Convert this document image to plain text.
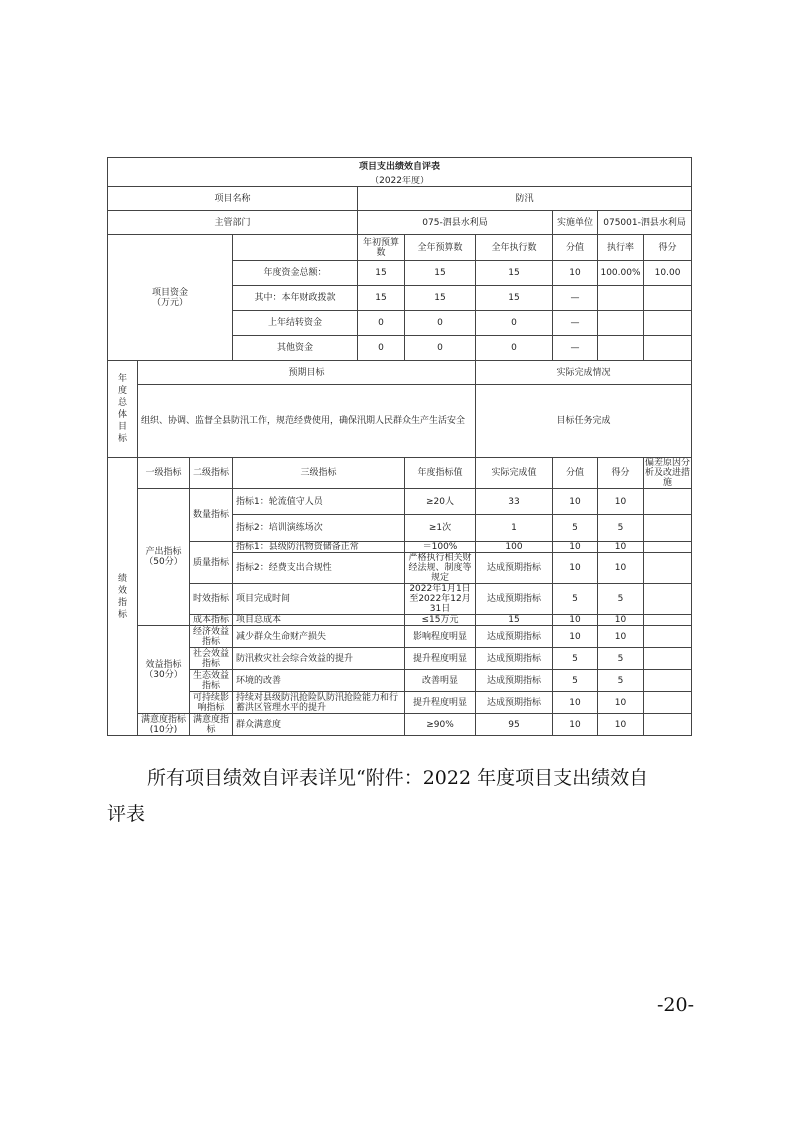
项目支出绩效自评表									
（2022年度）									
项目名称				防汛					
主管部门				075-泗县水利局			实施单位	075001-泗县水利局	
项目资金（万元）				年初预算数	全年预算数	全年执行数	分值	执行率	得分
			年度资金总额：	15	15	15	10	100.00%	10.00
			其中：本年财政拨款	15	15	15	—		
			上年结转资金	0	0	0	—		
			其他资金	0	0	0	—		
年度总体目标	预期目标					实际完成情况			
	组织、协调、监督全县防汛工作，规范经费使用，确保汛期人民群众生产生活安全					目标任务完成			
绩效指标	一级指标	二级指标	三级指标		年度指标值	实际完成值	分值	得分	偏差原因分析及改进措施
	产出指标（50分）	数量指标	指标1：轮流值守人员		≥20人	33	10	10	
			指标2：培训演练场次		≥1次	1	5	5	
		质量指标	指标1：县级防汛物资储备正常		＝100%	100	10	10	
			指标2：经费支出合规性		严格执行相关财经法规、制度等规定	达成预期指标	10	10	
		时效指标	项目完成时间		2022年1月1日至2022年12月31日	达成预期指标	5	5	
		成本指标	项目总成本		≤15万元	15	10	10	
	效益指标（30分）	经济效益指标	减少群众生命财产损失		影响程度明显	达成预期指标	10	10	
		社会效益指标	防汛救灾社会综合效益的提升		提升程度明显	达成预期指标	5	5	
		生态效益指标	环境的改善		改善明显	达成预期指标	5	5	
		可持续影响指标	持续对县级防汛抢险队防汛抢险能力和行蓄洪区管理水平的提升		提升程度明显	达成预期指标	10	10	
	满意度指标(10分)	满意度指标	群众满意度		≥90%	95	10	10	
所有项目绩效自评表详见“附件：2022 年度项目支出绩效自
评表
-20-
